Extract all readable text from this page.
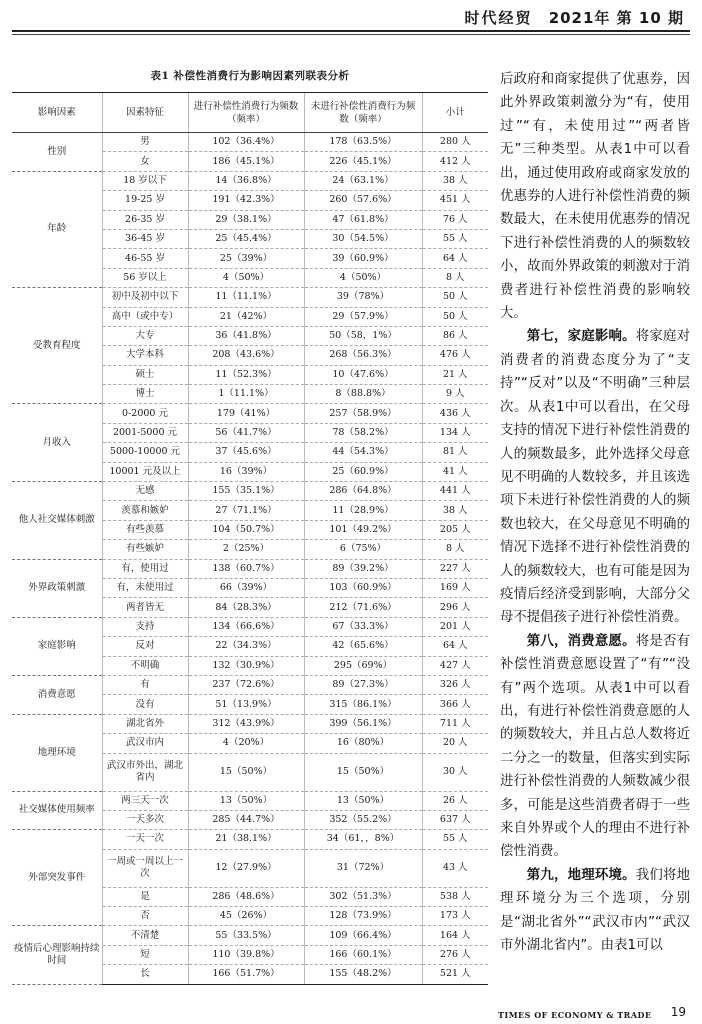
时代经贸 2021年 第 10 期
表1 补偿性消费行为影响因素列联表分析
影响因素	因素特征	进行补偿性消费行为频数（频率）	未进行补偿性消费行为频数（频率）	小计
性别	男	102（36.4%）	178（63.5%）	280 人
	女	186（45.1%）	226（45.1%）	412 人
年龄	18 岁以下	14（36.8%）	24（63.1%）	38 人
	19-25 岁	191（42.3%）	260（57.6%）	451 人
	26-35 岁	29（38.1%）	47（61.8%）	76 人
	36-45 岁	25（45.4%）	30（54.5%）	55 人
	46-55 岁	25（39%）	39（60.9%）	64 人
	56 岁以上	4（50%）	4（50%）	8 人
受教育程度	初中及初中以下	11（11.1%）	39（78%）	50 人
	高中（或中专）	21（42%）	29（57.9%）	50 人
	大专	36（41.8%）	50（58，1%）	86 人
	大学本科	208（43.6%）	268（56.3%）	476 人
	硕士	11（52.3%）	10（47.6%）	21 人
	博士	1（11.1%）	8（88.8%）	9 人
月收入	0-2000 元	179（41%）	257（58.9%）	436 人
	2001-5000 元	56（41.7%）	78（58.2%）	134 人
	5000-10000 元	37（45.6%）	44（54.3%）	81 人
	10001 元及以上	16（39%）	25（60.9%）	41 人
他人社交媒体刺激	无感	155（35.1%）	286（64.8%）	441 人
	羡慕和嫉妒	27（71.1%）	11（28.9%）	38 人
	有些羡慕	104（50.7%）	101（49.2%）	205 人
	有些嫉妒	2（25%）	6（75%）	8 人
外界政策刺激	有，使用过	138（60.7%）	89（39.2%）	227 人
	有，未使用过	66（39%）	103（60.9%）	169 人
	两者皆无	84（28.3%）	212（71.6%）	296 人
家庭影响	支持	134（66.6%）	67（33.3%）	201 人
	反对	22（34.3%）	42（65.6%）	64 人
	不明确	132（30.9%）	295（69%）	427 人
消费意愿	有	237（72.6%）	89（27.3%）	326 人
	没有	51（13.9%）	315（86.1%）	366 人
地理环境	湖北省外	312（43.9%）	399（56.1%）	711 人
	武汉市内	4（20%）	16（80%）	20 人
	武汉市外出，湖北省内	15（50%）	15（50%）	30 人
社交媒体使用频率	两三天一次	13（50%）	13（50%）	26 人
	一天多次	285（44.7%）	352（55.2%）	637 人
外部突发事件	一天一次	21（38.1%）	34（61，，8%）	55 人
	一周或一周以上一次	12（27.9%）	31（72%）	43 人
	是	286（48.6%）	302（51.3%）	538 人
	否	45（26%）	128（73.9%）	173 人
疫情后心理影响持续时间	不清楚	55（33.5%）	109（66.4%）	164 人
	短	110（39.8%）	166（60.1%）	276 人
	长	166（51.7%）	155（48.2%）	521 人

后政府和商家提供了优惠券，因此外界政策刺激分为“有，使用过”“有，未使用过”“两者皆无”三种类型。从表1中可以看出，通过使用政府或商家发放的优惠券的人进行补偿性消费的频数最大，在未使用优惠券的情况下进行补偿性消费的人的频数较小，故而外界政策的刺激对于消费者进行补偿性消费的影响较大。

第七，家庭影响。将家庭对消费者的消费态度分为了“支持”“反对”以及“不明确”三种层次。从表1中可以看出，在父母支持的情况下进行补偿性消费的人的频数最多，此外选择父母意见不明确的人数较多，并且该选项下未进行补偿性消费的人的频数也较大，在父母意见不明确的情况下选择不进行补偿性消费的人的频数较大，也有可能是因为疫情后经济受到影响，大部分父母不提倡孩子进行补偿性消费。

第八，消费意愿。将是否有补偿性消费意愿设置了“有”“没有”两个选项。从表1中可以看出，有进行补偿性消费意愿的人的频数较大，并且占总人数将近二分之一的数量，但落实到实际进行补偿性消费的人频数减少很多，可能是这些消费者碍于一些来自外界或个人的理由不进行补偿性消费。

第九，地理环境。我们将地理环境分为三个选项，分别是“湖北省外”“武汉市内”“武汉市外湖北省内”。由表1可以

TIMES OF ECONOMY & TRADE 19
